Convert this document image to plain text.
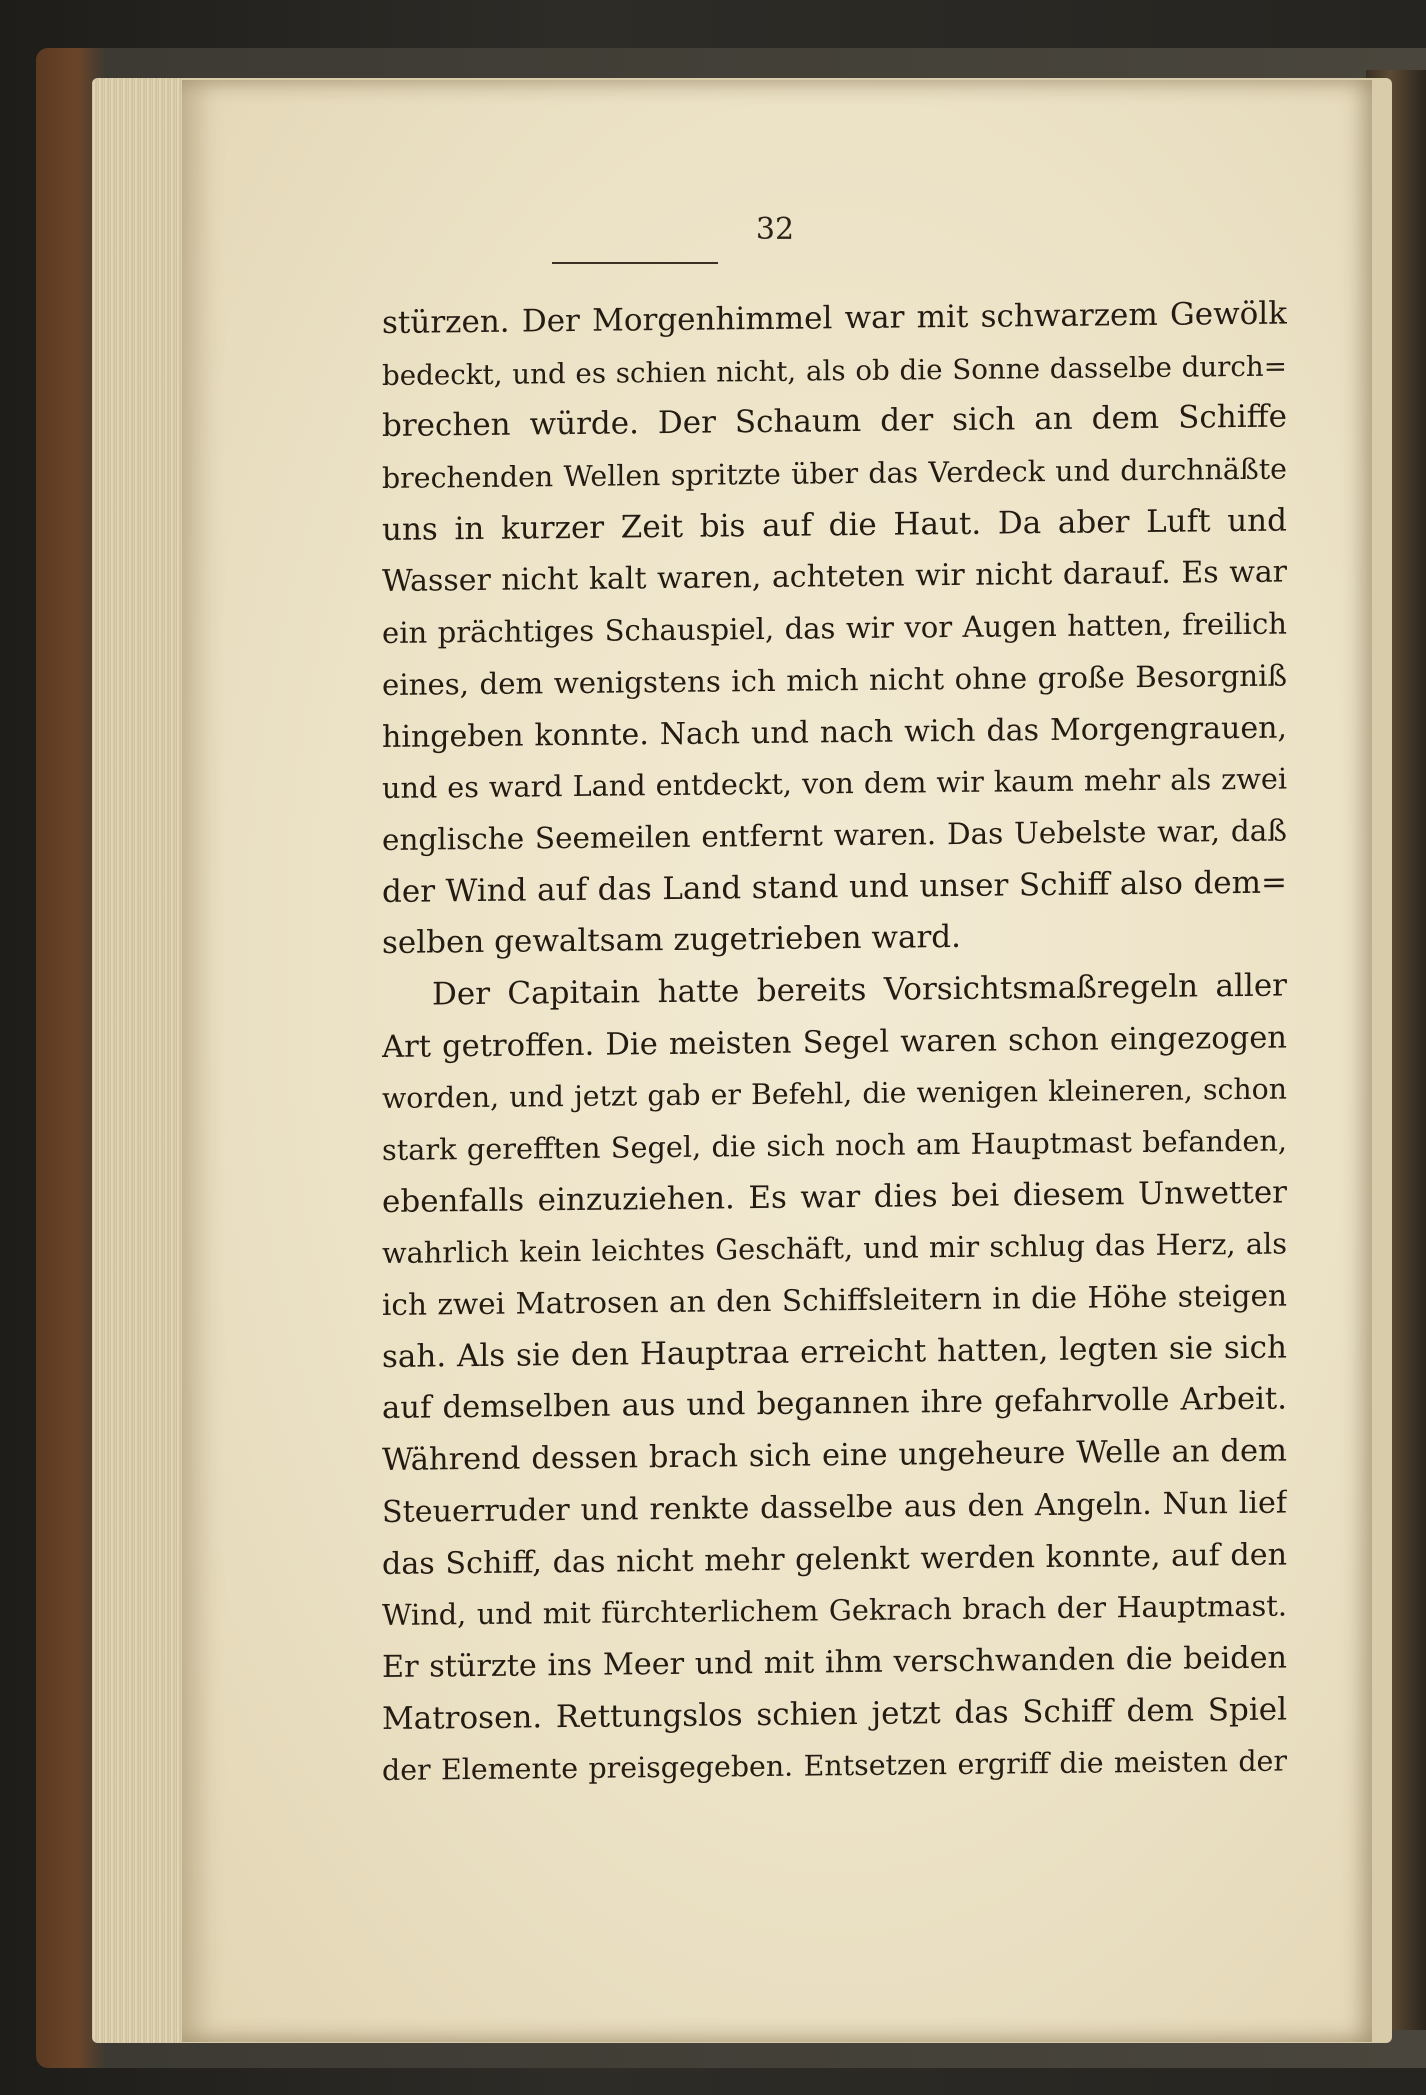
32
stürzen. Der Morgenhimmel war mit schwarzem Gewölk
bedeckt, und es schien nicht, als ob die Sonne dasselbe durch=
brechen würde. Der Schaum der sich an dem Schiffe
brechenden Wellen spritzte über das Verdeck und durchnäßte
uns in kurzer Zeit bis auf die Haut. Da aber Luft und
Wasser nicht kalt waren, achteten wir nicht darauf. Es war
ein prächtiges Schauspiel, das wir vor Augen hatten, freilich
eines, dem wenigstens ich mich nicht ohne große Besorgniß
hingeben konnte. Nach und nach wich das Morgengrauen,
und es ward Land entdeckt, von dem wir kaum mehr als zwei
englische Seemeilen entfernt waren. Das Uebelste war, daß
der Wind auf das Land stand und unser Schiff also dem=
selben gewaltsam zugetrieben ward.
Der Capitain hatte bereits Vorsichtsmaßregeln aller
Art getroffen. Die meisten Segel waren schon eingezogen
worden, und jetzt gab er Befehl, die wenigen kleineren, schon
stark gerefften Segel, die sich noch am Hauptmast befanden,
ebenfalls einzuziehen. Es war dies bei diesem Unwetter
wahrlich kein leichtes Geschäft, und mir schlug das Herz, als
ich zwei Matrosen an den Schiffsleitern in die Höhe steigen
sah. Als sie den Hauptraa erreicht hatten, legten sie sich
auf demselben aus und begannen ihre gefahrvolle Arbeit.
Während dessen brach sich eine ungeheure Welle an dem
Steuerruder und renkte dasselbe aus den Angeln. Nun lief
das Schiff, das nicht mehr gelenkt werden konnte, auf den
Wind, und mit fürchterlichem Gekrach brach der Hauptmast.
Er stürzte ins Meer und mit ihm verschwanden die beiden
Matrosen. Rettungslos schien jetzt das Schiff dem Spiel
der Elemente preisgegeben. Entsetzen ergriff die meisten der
